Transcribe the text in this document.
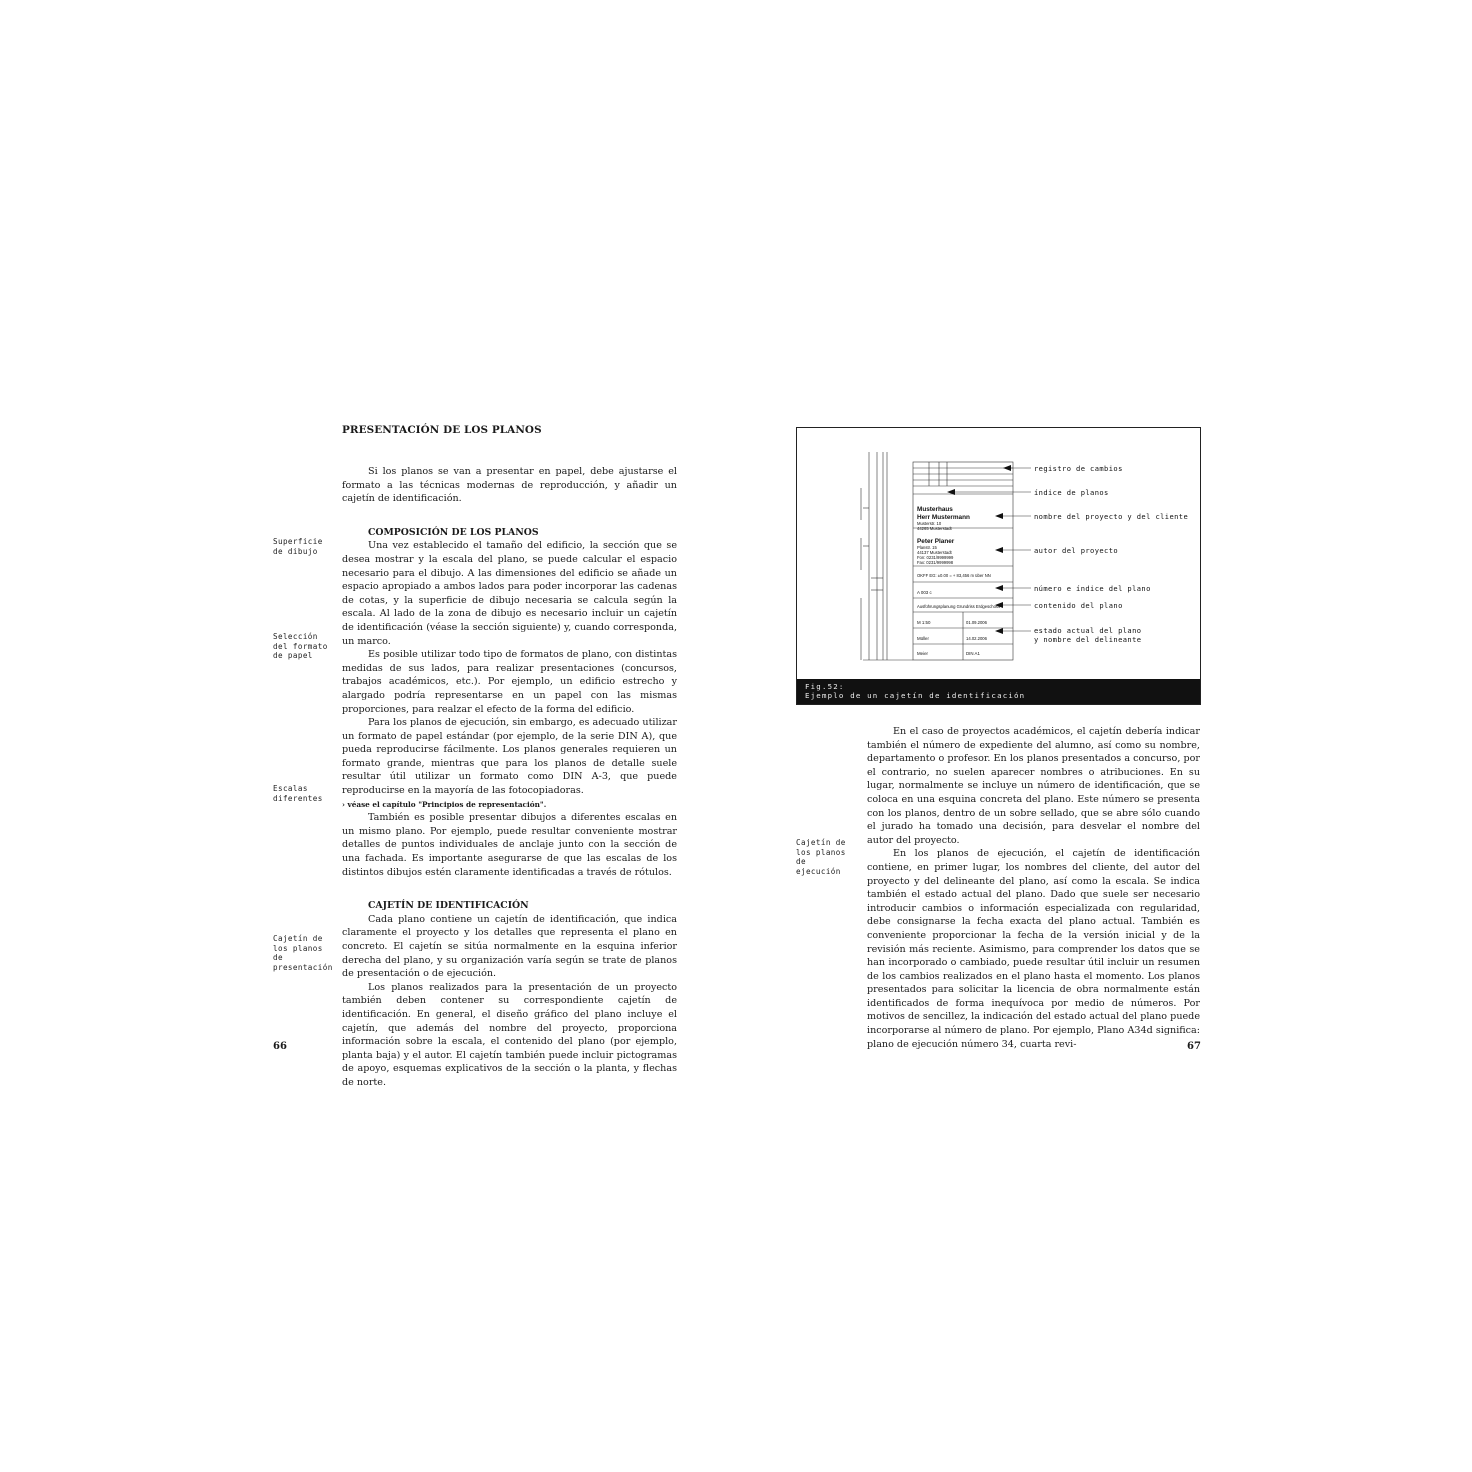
PRESENTACIÓN DE LOS PLANOS

Si los planos se van a presentar en papel, debe ajustarse el formato a las técnicas modernas de reproducción, y añadir un cajetín de identificación.

COMPOSICIÓN DE LOS PLANOS

Una vez establecido el tamaño del edificio, la sección que se desea mostrar y la escala del plano, se puede calcular el espacio necesario para el dibujo. A las dimensiones del edificio se añade un espacio apropiado a ambos lados para poder incorporar las cadenas de cotas, y la superficie de dibujo necesaria se calcula según la escala. Al lado de la zona de dibujo es necesario incluir un cajetín de identificación (véase la sección siguiente) y, cuando corresponda, un marco.

Es posible utilizar todo tipo de formatos de plano, con distintas medidas de sus lados, para realizar presentaciones (concursos, trabajos académicos, etc.). Por ejemplo, un edificio estrecho y alargado podría representarse en un papel con las mismas proporciones, para realzar el efecto de la forma del edificio.

Para los planos de ejecución, sin embargo, es adecuado utilizar un formato de papel estándar (por ejemplo, de la serie DIN A), que pueda reproducirse fácilmente. Los planos generales requieren un formato grande, mientras que para los planos de detalle suele resultar útil utilizar un formato como DIN A-3, que puede reproducirse en la mayoría de las fotocopiadoras.

› véase el capítulo "Principios de representación".

También es posible presentar dibujos a diferentes escalas en un mismo plano. Por ejemplo, puede resultar conveniente mostrar detalles de puntos individuales de anclaje junto con la sección de una fachada. Es importante asegurarse de que las escalas de los distintos dibujos estén claramente identificadas a través de rótulos.

CAJETÍN DE IDENTIFICACIÓN

Cada plano contiene un cajetín de identificación, que indica claramente el proyecto y los detalles que representa el plano en concreto. El cajetín se sitúa normalmente en la esquina inferior derecha del plano, y su organización varía según se trate de planos de presentación o de ejecución.

Los planos realizados para la presentación de un proyecto también deben contener su correspondiente cajetín de identificación. En general, el diseño gráfico del plano incluye el cajetín, que además del nombre del proyecto, proporciona información sobre la escala, el contenido del plano (por ejemplo, planta baja) y el autor. El cajetín también puede incluir pictogramas de apoyo, esquemas explicativos de la sección o la planta, y flechas de norte.

Superficie de dibujo
Selección del formato de papel
Escalas diferentes
Cajetín de los planos de presentación
66
Musterhaus
Herr Mustermann
Musterstr. 10
44265 Musterstadt
Peter Planer
Planstr. 15
44137 Musterstadt
Fon: 0231/9999999
Fax: 0231/9999998
OKFF EG: ±0.00 = + 83,456 m über NN
A 003 c
Ausführungsplanung Grundriss Erdgeschoss
M 1:50	01.09.2006
Müller	14.02.2006
Meier	DIN A1
registro de cambios
índice de planos
nombre del proyecto y del cliente
autor del proyecto
número e índice del plano
contenido del plano
estado actual del plano
y nombre del delineante
Fig.52:
Ejemplo de un cajetín de identificación

En el caso de proyectos académicos, el cajetín debería indicar también el número de expediente del alumno, así como su nombre, departamento o profesor. En los planos presentados a concurso, por el contrario, no suelen aparecer nombres o atribuciones. En su lugar, normalmente se incluye un número de identificación, que se coloca en una esquina concreta del plano. Este número se presenta con los planos, dentro de un sobre sellado, que se abre sólo cuando el jurado ha tomado una decisión, para desvelar el nombre del autor del proyecto.

En los planos de ejecución, el cajetín de identificación contiene, en primer lugar, los nombres del cliente, del autor del proyecto y del delineante del plano, así como la escala. Se indica también el estado actual del plano. Dado que suele ser necesario introducir cambios o información especializada con regularidad, debe consignarse la fecha exacta del plano actual. También es conveniente proporcionar la fecha de la versión inicial y de la revisión más reciente. Asimismo, para comprender los datos que se han incorporado o cambiado, puede resultar útil incluir un resumen de los cambios realizados en el plano hasta el momento. Los planos presentados para solicitar la licencia de obra normalmente están identificados de forma inequívoca por medio de números. Por motivos de sencillez, la indicación del estado actual del plano puede incorporarse al número de plano. Por ejemplo, Plano A34d significa: plano de ejecución número 34, cuarta revi-

Cajetín de los planos de ejecución
67
